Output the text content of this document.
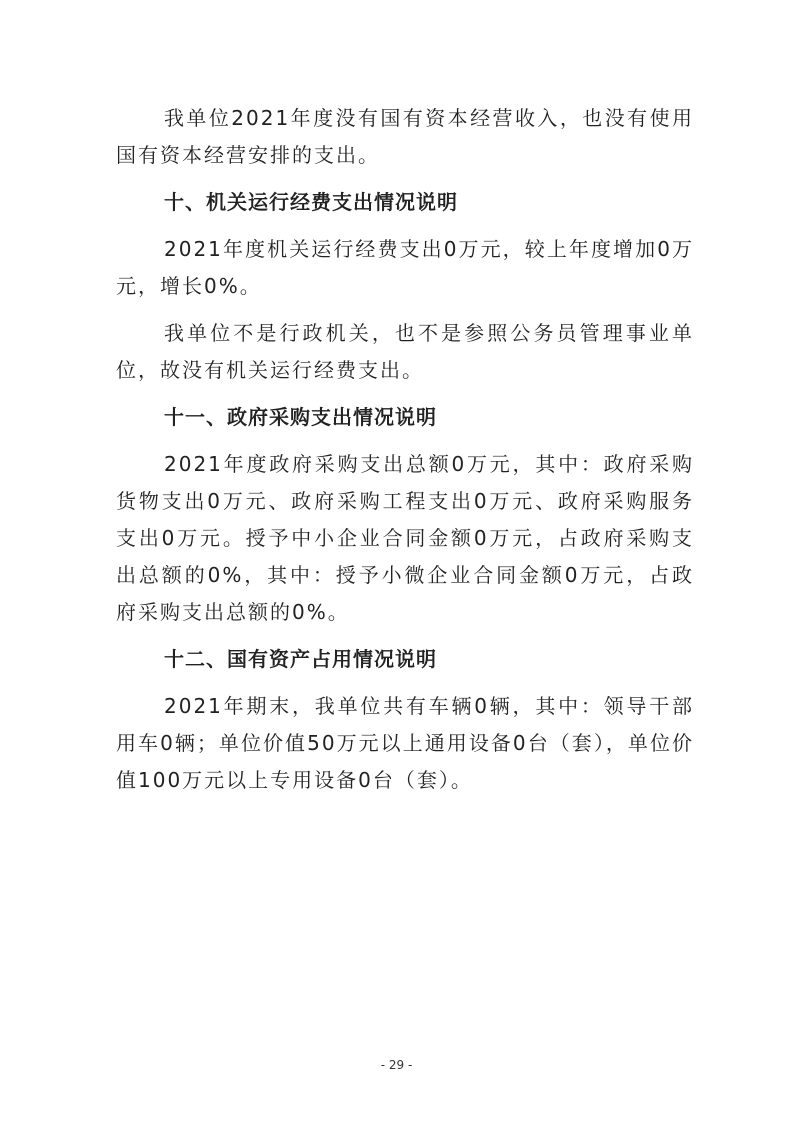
我单位2021年度没有国有资本经营收入，也没有使用国有资本经营安排的支出。

十、机关运行经费支出情况说明

2021年度机关运行经费支出0万元，较上年度增加0万元，增长0%。

我单位不是行政机关，也不是参照公务员管理事业单位，故没有机关运行经费支出。

十一、政府采购支出情况说明

2021年度政府采购支出总额0万元，其中：政府采购货物支出0万元、政府采购工程支出0万元、政府采购服务支出0万元。授予中小企业合同金额0万元，占政府采购支出总额的0%，其中：授予小微企业合同金额0万元，占政府采购支出总额的0%。

十二、国有资产占用情况说明

2021年期末，我单位共有车辆0辆，其中：领导干部用车0辆；单位价值50万元以上通用设备0台（套），单位价值100万元以上专用设备0台（套）。

- 29 -
